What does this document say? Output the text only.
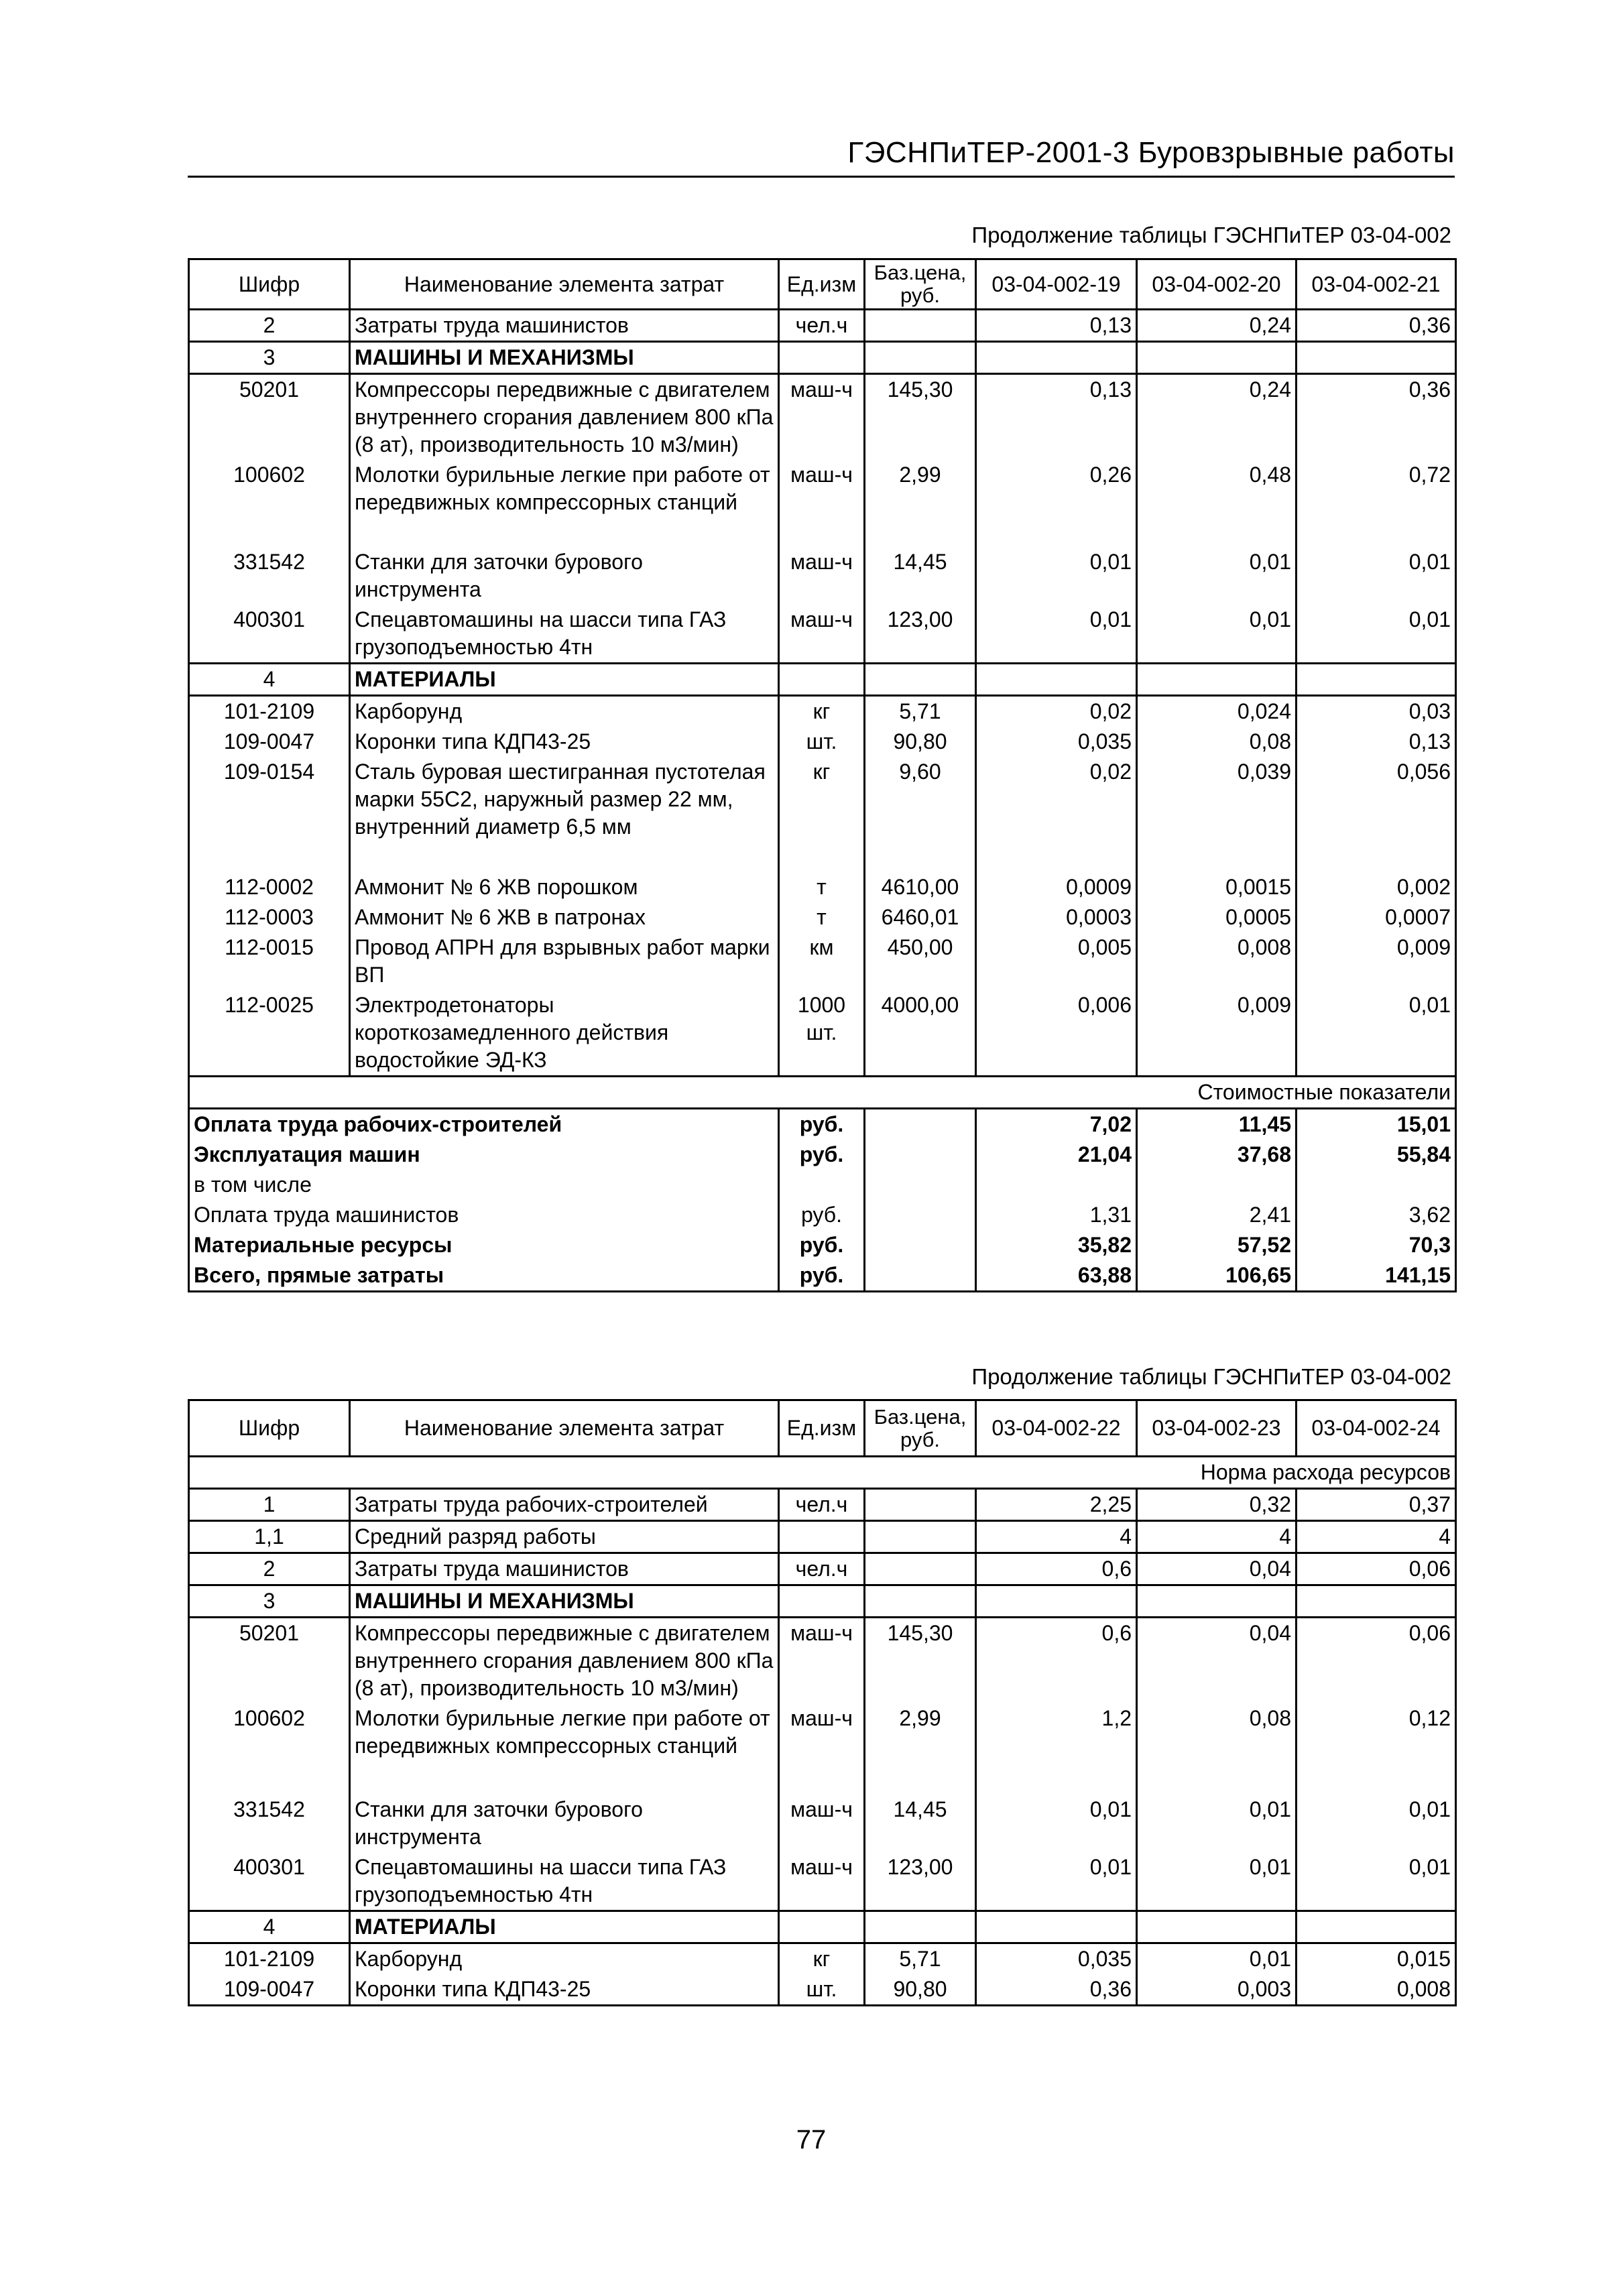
ГЭСНПиТЕР-2001-3 Буровзрывные работы
Продолжение таблицы ГЭСНПиТЕР 03-04-002
Шифр	Наименование элемента затрат	Ед.изм	Баз.цена, руб.	03-04-002-19	03-04-002-20	03-04-002-21
2	Затраты труда машинистов	чел.ч		0,13	0,24	0,36
3	МАШИНЫ И МЕХАНИЗМЫ					
50201	Компрессоры передвижные с двигателем внутреннего сгорания давлением 800 кПа (8 ат), производительность 10 м3/мин)	маш-ч	145,30	0,13	0,24	0,36
100602	Молотки бурильные легкие при работе от передвижных компрессорных станций	маш-ч	2,99	0,26	0,48	0,72
331542	Станки для заточки бурового инструмента	маш-ч	14,45	0,01	0,01	0,01
400301	Спецавтомашины на шасси типа ГАЗ грузоподъемностью 4тн	маш-ч	123,00	0,01	0,01	0,01
4	МАТЕРИАЛЫ					
101-2109	Карборунд	кг	5,71	0,02	0,024	0,03
109-0047	Коронки типа КДП43-25	шт.	90,80	0,035	0,08	0,13
109-0154	Сталь буровая шестигранная пустотелая марки 55С2, наружный размер 22 мм, внутренний диаметр 6,5 мм	кг	9,60	0,02	0,039	0,056
112-0002	Аммонит № 6 ЖВ порошком	т	4610,00	0,0009	0,0015	0,002
112-0003	Аммонит № 6 ЖВ в патронах	т	6460,01	0,0003	0,0005	0,0007
112-0015	Провод АПРН для взрывных работ марки ВП	км	450,00	0,005	0,008	0,009
112-0025	Электродетонаторы короткозамедленного действия водостойкие ЭД-КЗ	1000 шт.	4000,00	0,006	0,009	0,01
Стоимостные показатели						
Оплата труда рабочих-строителей		руб.		7,02	11,45	15,01
Эксплуатация машин		руб.		21,04	37,68	55,84
в том числе						
Оплата труда машинистов		руб.		1,31	2,41	3,62
Материальные ресурсы		руб.		35,82	57,52	70,3
Всего, прямые затраты		руб.		63,88	106,65	141,15
Продолжение таблицы ГЭСНПиТЕР 03-04-002
Шифр	Наименование элемента затрат	Ед.изм	Баз.цена, руб.	03-04-002-22	03-04-002-23	03-04-002-24
Норма расхода ресурсов						
1	Затраты труда рабочих-строителей	чел.ч		2,25	0,32	0,37
1,1	Средний разряд работы			4	4	4
2	Затраты труда машинистов	чел.ч		0,6	0,04	0,06
3	МАШИНЫ И МЕХАНИЗМЫ					
50201	Компрессоры передвижные с двигателем внутреннего сгорания давлением 800 кПа (8 ат), производительность 10 м3/мин)	маш-ч	145,30	0,6	0,04	0,06
100602	Молотки бурильные легкие при работе от передвижных компрессорных станций	маш-ч	2,99	1,2	0,08	0,12
331542	Станки для заточки бурового инструмента	маш-ч	14,45	0,01	0,01	0,01
400301	Спецавтомашины на шасси типа ГАЗ грузоподъемностью 4тн	маш-ч	123,00	0,01	0,01	0,01
4	МАТЕРИАЛЫ					
101-2109	Карборунд	кг	5,71	0,035	0,01	0,015
109-0047	Коронки типа КДП43-25	шт.	90,80	0,36	0,003	0,008
77
